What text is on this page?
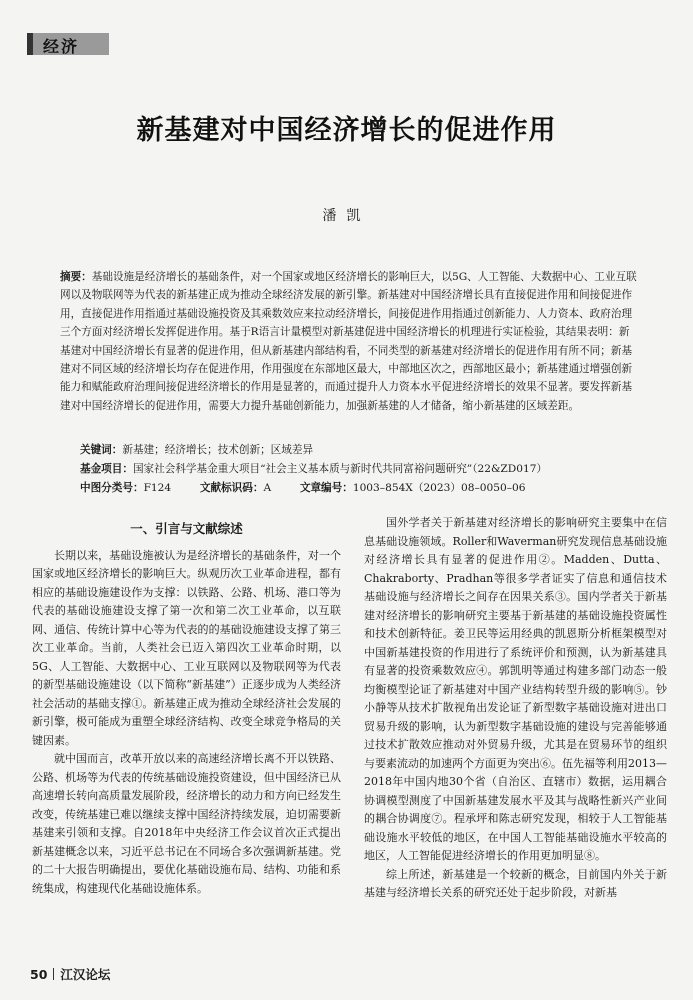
经济
新基建对中国经济增长的促进作用
潘凯
摘要：基础设施是经济增长的基础条件，对一个国家或地区经济增长的影响巨大，以5G、人工智能、大数据中心、工业互联网以及物联网等为代表的新基建正成为推动全球经济发展的新引擎。新基建对中国经济增长具有直接促进作用和间接促进作用，直接促进作用指通过基础设施投资及其乘数效应来拉动经济增长，间接促进作用指通过创新能力、人力资本、政府治理三个方面对经济增长发挥促进作用。基于R语言计量模型对新基建促进中国经济增长的机理进行实证检验，其结果表明：新基建对中国经济增长有显著的促进作用，但从新基建内部结构看，不同类型的新基建对经济增长的促进作用有所不同；新基建对不同区域的经济增长均存在促进作用，作用强度在东部地区最大，中部地区次之，西部地区最小；新基建通过增强创新能力和赋能政府治理间接促进经济增长的作用是显著的，而通过提升人力资本水平促进经济增长的效果不显著。要发挥新基建对中国经济增长的促进作用，需要大力提升基础创新能力，加强新基建的人才储备，缩小新基建的区域差距。
关键词：新基建；经济增长；技术创新；区域差异
基金项目：国家社会科学基金重大项目“社会主义基本质与新时代共同富裕问题研究”（22&ZD017）
中图分类号：F124	文献标识码：A	文章编号：1003–854X（2023）08–0050–06
一、引言与文献综述

长期以来，基础设施被认为是经济增长的基础条件，对一个国家或地区经济增长的影响巨大。纵观历次工业革命进程，都有相应的基础设施建设作为支撑：以铁路、公路、机场、港口等为代表的基础设施建设支撑了第一次和第二次工业革命，以互联网、通信、传统计算中心等为代表的的基础设施建设支撑了第三次工业革命。当前，人类社会已迈入第四次工业革命时期，以5G、人工智能、大数据中心、工业互联网以及物联网等为代表的新型基础设施建设（以下简称“新基建”）正逐步成为人类经济社会活动的基础支撑①。新基建正成为推动全球经济社会发展的新引擎，极可能成为重塑全球经济结构、改变全球竞争格局的关键因素。

就中国而言，改革开放以来的高速经济增长离不开以铁路、公路、机场等为代表的传统基础设施投资建设，但中国经济已从高速增长转向高质量发展阶段，经济增长的动力和方向已经发生改变，传统基建已难以继续支撑中国经济持续发展，迫切需要新基建来引领和支撑。自2018年中央经济工作会议首次正式提出新基建概念以来，习近平总书记在不同场合多次强调新基建。党的二十大报告明确提出，要优化基础设施布局、结构、功能和系统集成，构建现代化基础设施体系。

国外学者关于新基建对经济增长的影响研究主要集中在信息基础设施领域。Roller和Waverman研究发现信息基础设施对经济增长具有显著的促进作用②。Madden、Dutta、Chakraborty、Pradhan等很多学者证实了信息和通信技术基础设施与经济增长之间存在因果关系③。国内学者关于新基建对经济增长的影响研究主要基于新基建的基础设施投资属性和技术创新特征。姜卫民等运用经典的凯恩斯分析框架模型对中国新基建投资的作用进行了系统评价和预测，认为新基建具有显著的投资乘数效应④。郭凯明等通过构建多部门动态一般均衡模型论证了新基建对中国产业结构转型升级的影响⑤。钞小静等从技术扩散视角出发论证了新型数字基础设施对进出口贸易升级的影响，认为新型数字基础设施的建设与完善能够通过技术扩散效应推动对外贸易升级，尤其是在贸易环节的组织与要素流动的加速两个方面更为突出⑥。伍先福等利用2013—2018年中国内地30个省（自治区、直辖市）数据，运用耦合协调模型测度了中国新基建发展水平及其与战略性新兴产业间的耦合协调度⑦。程承坪和陈志研究发现，相较于人工智能基础设施水平较低的地区，在中国人工智能基础设施水平较高的地区，人工智能促进经济增长的作用更加明显⑧。

综上所述，新基建是一个较新的概念，目前国内外关于新基建与经济增长关系的研究还处于起步阶段，对新基

50 江汉论坛
